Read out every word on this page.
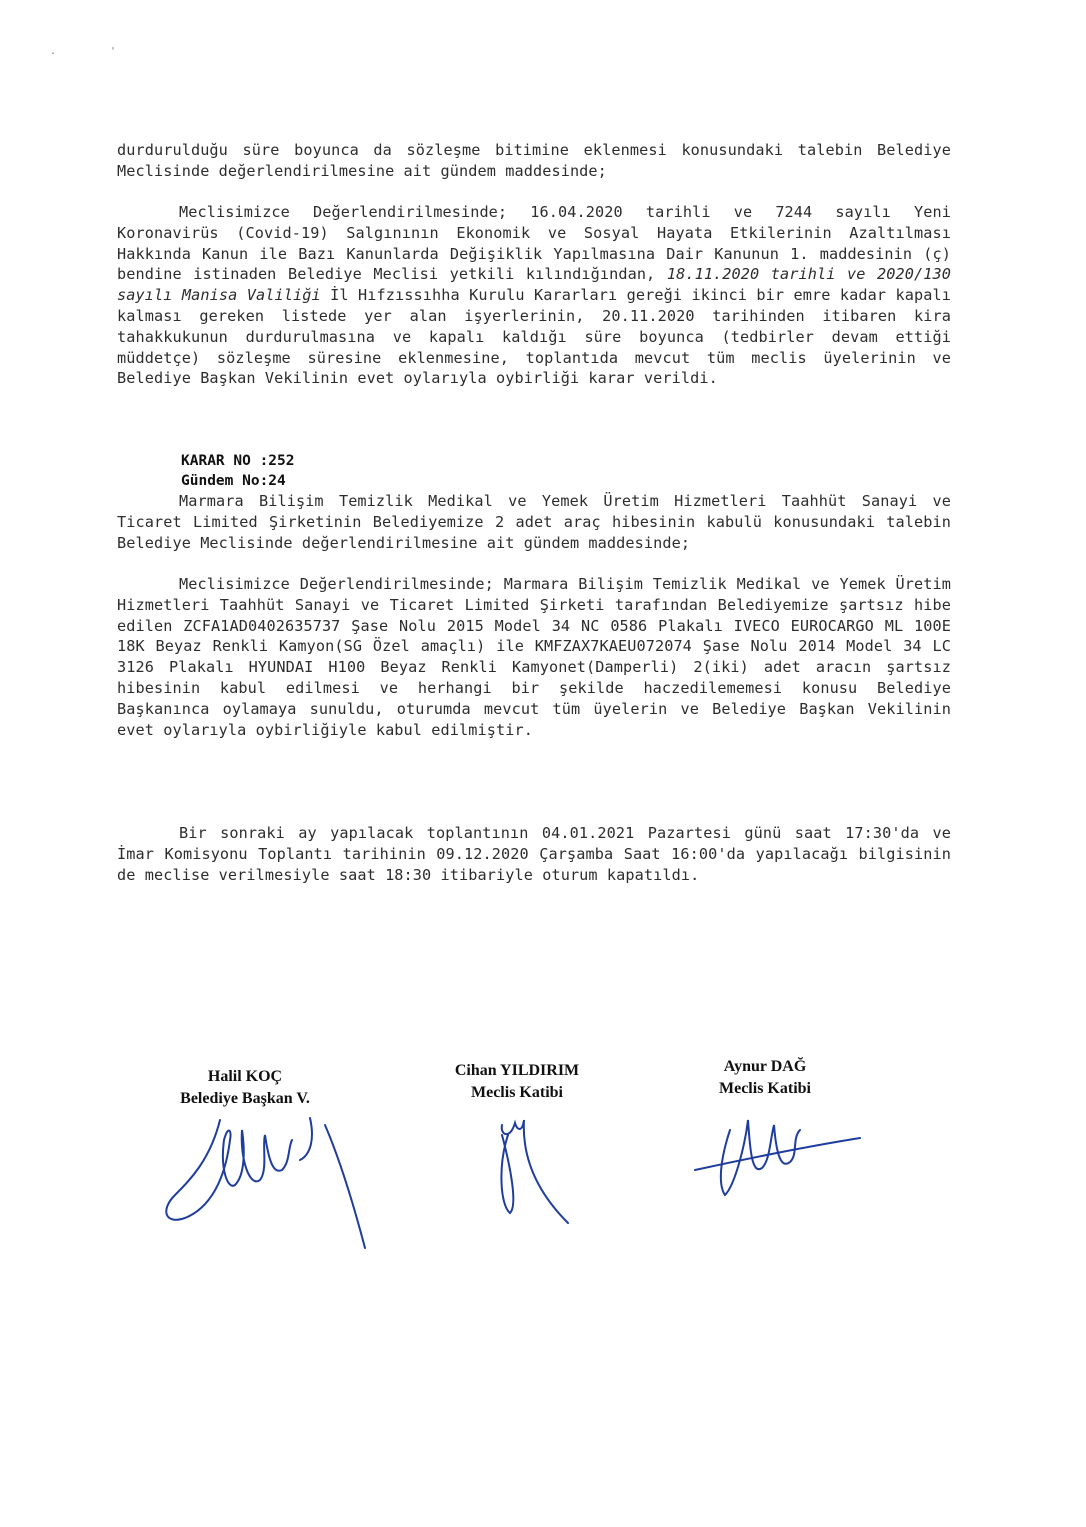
.	'
durdurulduğu süre boyunca da sözleşme bitimine eklenmesi konusundaki talebin Belediye Meclisinde değerlendirilmesine ait gündem maddesinde;
Meclisimizce Değerlendirilmesinde; 16.04.2020 tarihli ve 7244 sayılı Yeni Koronavirüs (Covid-19) Salgınının Ekonomik ve Sosyal Hayata Etkilerinin Azaltılması Hakkında Kanun ile Bazı Kanunlarda Değişiklik Yapılmasına Dair Kanunun 1. maddesinin (ç) bendine istinaden Belediye Meclisi yetkili kılındığından, 18.11.2020 tarihli ve 2020/130 sayılı Manisa Valiliği İl Hıfzıssıhha Kurulu Kararları gereği ikinci bir emre kadar kapalı kalması gereken listede yer alan işyerlerinin, 20.11.2020 tarihinden itibaren kira tahakkukunun durdurulmasına ve kapalı kaldığı süre boyunca (tedbirler devam ettiği müddetçe) sözleşme süresine eklenmesine, toplantıda mevcut tüm meclis üyelerinin ve Belediye Başkan Vekilinin evet oylarıyla oybirliği karar verildi.
KARAR NO :252
Gündem No:24
Marmara Bilişim Temizlik Medikal ve Yemek Üretim Hizmetleri Taahhüt Sanayi ve Ticaret Limited Şirketinin Belediyemize 2 adet araç hibesinin kabulü konusundaki talebin Belediye Meclisinde değerlendirilmesine ait gündem maddesinde;
Meclisimizce Değerlendirilmesinde; Marmara Bilişim Temizlik Medikal ve Yemek Üretim Hizmetleri Taahhüt Sanayi ve Ticaret Limited Şirketi tarafından Belediyemize şartsız hibe edilen ZCFA1AD0402635737 Şase Nolu 2015 Model 34 NC 0586 Plakalı IVECO EUROCARGO ML 100E 18K Beyaz Renkli Kamyon(SG Özel amaçlı) ile KMFZAX7KAEU072074 Şase Nolu 2014 Model 34 LC 3126 Plakalı HYUNDAI H100 Beyaz Renkli Kamyonet(Damperli) 2(iki) adet aracın şartsız hibesinin kabul edilmesi ve herhangi bir şekilde haczedilememesi konusu Belediye Başkanınca oylamaya sunuldu, oturumda mevcut tüm üyelerin ve Belediye Başkan Vekilinin evet oylarıyla oybirliğiyle kabul edilmiştir.
Bir sonraki ay yapılacak toplantının 04.01.2021 Pazartesi günü saat 17:30'da ve İmar Komisyonu Toplantı tarihinin 09.12.2020 Çarşamba Saat 16:00'da yapılacağı bilgisinin de meclise verilmesiyle saat 18:30 itibariyle oturum kapatıldı.
Halil KOÇ
Belediye Başkan V.
Cihan YILDIRIM
Meclis Katibi
Aynur DAĞ
Meclis Katibi
